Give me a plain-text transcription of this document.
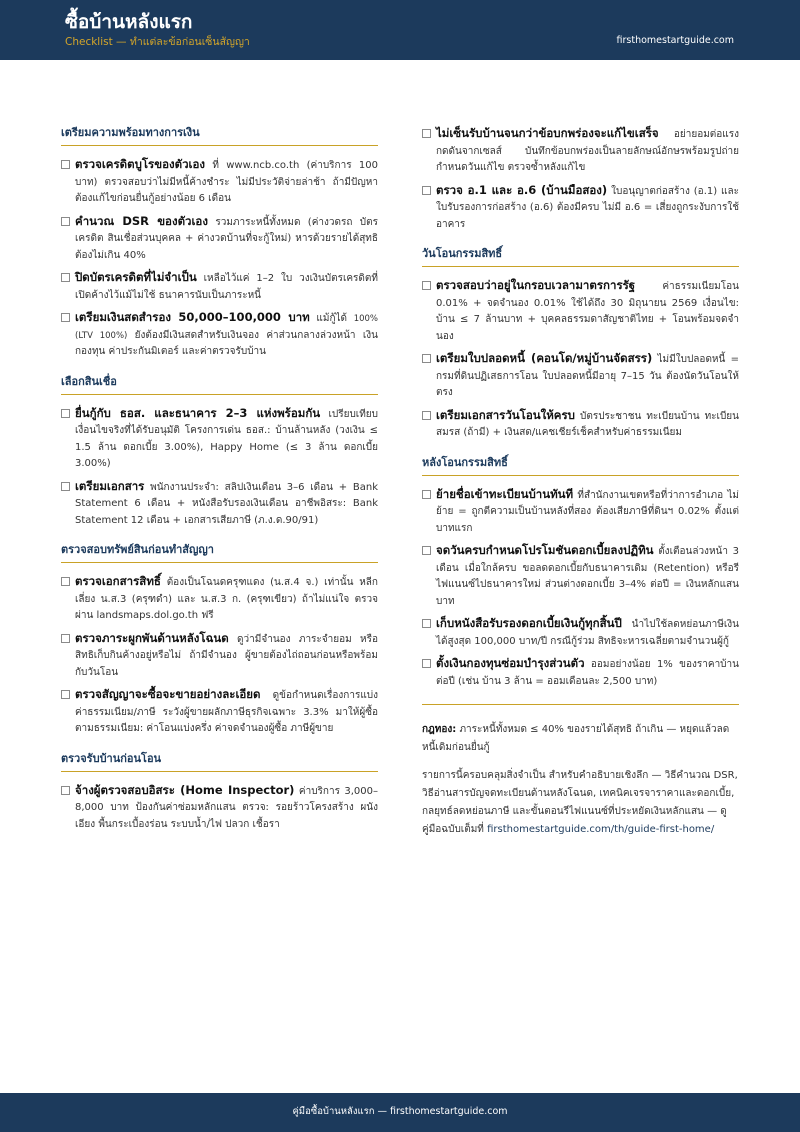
ซื้อบ้านหลังแรก
Checklist — ทำแต่ละข้อก่อนเซ็นสัญญา	firsthomestartguide.com
เตรียมความพร้อมทางการเงิน
ตรวจเครดิตบูโรของตัวเอง ที่ www.ncb.co.th (ค่าบริการ 100 บาท) ตรวจสอบว่าไม่มีหนี้ค้างชำระ ไม่มีประวัติจ่ายล่าช้า ถ้ามีปัญหาต้องแก้ไขก่อนยื่นกู้อย่างน้อย 6 เดือน
คำนวณ DSR ของตัวเอง รวมภาระหนี้ทั้งหมด (ค่างวดรถ บัตรเครดิต สินเชื่อส่วนบุคคล + ค่างวดบ้านที่จะกู้ใหม่) หารด้วยรายได้สุทธิ ต้องไม่เกิน 40%
ปิดบัตรเครดิตที่ไม่จำเป็น เหลือไว้แค่ 1–2 ใบ วงเงินบัตรเครดิตที่เปิดค้างไว้แม้ไม่ใช้ ธนาคารนับเป็นภาระหนี้
เตรียมเงินสดสำรอง 50,000–100,000 บาท แม้กู้ได้ 100% (LTV 100%) ยังต้องมีเงินสดสำหรับเงินจอง ค่าส่วนกลางล่วงหน้า เงินกองทุน ค่าประกันมิเตอร์ และค่าตรวจรับบ้าน
เลือกสินเชื่อ
ยื่นกู้กับ ธอส. และธนาคาร 2–3 แห่งพร้อมกัน เปรียบเทียบเงื่อนไขจริงที่ได้รับอนุมัติ โครงการเด่น ธอส.: บ้านล้านหลัง (วงเงิน ≤ 1.5 ล้าน ดอกเบี้ย 3.00%), Happy Home (≤ 3 ล้าน ดอกเบี้ย 3.00%)
เตรียมเอกสาร พนักงานประจำ: สลิปเงินเดือน 3–6 เดือน + Bank Statement 6 เดือน + หนังสือรับรองเงินเดือน อาชีพอิสระ: Bank Statement 12 เดือน + เอกสารเสียภาษี (ภ.ง.ด.90/91)
ตรวจสอบทรัพย์สินก่อนทำสัญญา
ตรวจเอกสารสิทธิ์ ต้องเป็นโฉนดครุฑแดง (น.ส.4 จ.) เท่านั้น หลีกเลี่ยง น.ส.3 (ครุฑดำ) และ น.ส.3 ก. (ครุฑเขียว) ถ้าไม่แน่ใจ ตรวจผ่าน landsmaps.dol.go.th ฟรี
ตรวจภาระผูกพันด้านหลังโฉนด ดูว่ามีจำนอง ภาระจำยอม หรือสิทธิเก็บกินค้างอยู่หรือไม่ ถ้ามีจำนอง ผู้ขายต้องไถ่ถอนก่อนหรือพร้อมกับวันโอน
ตรวจสัญญาจะซื้อจะขายอย่างละเอียด ดูข้อกำหนดเรื่องการแบ่งค่าธรรมเนียม/ภาษี ระวังผู้ขายผลักภาษีธุรกิจเฉพาะ 3.3% มาให้ผู้ซื้อ ตามธรรมเนียม: ค่าโอนแบ่งครึ่ง ค่าจดจำนองผู้ซื้อ ภาษีผู้ขาย
ตรวจรับบ้านก่อนโอน
จ้างผู้ตรวจสอบอิสระ (Home Inspector) ค่าบริการ 3,000–8,000 บาท ป้องกันค่าซ่อมหลักแสน ตรวจ: รอยร้าวโครงสร้าง ผนังเอียง พื้นกระเบื้องร่อน ระบบน้ำ/ไฟ ปลวก เชื้อรา
ไม่เซ็นรับบ้านจนกว่าข้อบกพร่องจะแก้ไขเสร็จ อย่ายอมต่อแรงกดดันจากเซลส์ บันทึกข้อบกพร่องเป็นลายลักษณ์อักษรพร้อมรูปถ่าย กำหนดวันแก้ไข ตรวจซ้ำหลังแก้ไข
ตรวจ อ.1 และ อ.6 (บ้านมือสอง) ใบอนุญาตก่อสร้าง (อ.1) และใบรับรองการก่อสร้าง (อ.6) ต้องมีครบ ไม่มี อ.6 = เสี่ยงถูกระงับการใช้อาคาร
วันโอนกรรมสิทธิ์
ตรวจสอบว่าอยู่ในกรอบเวลามาตรการรัฐ	ค่าธรรมเนียมโอน 0.01% + จดจำนอง 0.01% ใช้ได้ถึง 30 มิถุนายน 2569 เงื่อนไข: บ้าน ≤ 7 ล้านบาท + บุคคลธรรมดาสัญชาติไทย + โอนพร้อมจดจำนอง
เตรียมใบปลอดหนี้ (คอนโด/หมู่บ้านจัดสรร) ไม่มีใบปลอดหนี้ = กรมที่ดินปฏิเสธการโอน ใบปลอดหนี้มีอายุ 7–15 วัน ต้องนัดวันโอนให้ตรง
เตรียมเอกสารวันโอนให้ครบ บัตรประชาชน ทะเบียนบ้าน ทะเบียนสมรส (ถ้ามี) + เงินสด/แคชเชียร์เช็คสำหรับค่าธรรมเนียม
หลังโอนกรรมสิทธิ์
ย้ายชื่อเข้าทะเบียนบ้านทันที ที่สำนักงานเขตหรือที่ว่าการอำเภอ ไม่ย้าย = ถูกตีความเป็นบ้านหลังที่สอง ต้องเสียภาษีที่ดินฯ 0.02% ตั้งแต่บาทแรก
จดวันครบกำหนดโปรโมชันดอกเบี้ยลงปฏิทิน ตั้งเตือนล่วงหน้า 3 เดือน เมื่อใกล้ครบ ขอลดดอกเบี้ยกับธนาคารเดิม (Retention) หรือรีไฟแนนซ์ไปธนาคารใหม่ ส่วนต่างดอกเบี้ย 3–4% ต่อปี = เงินหลักแสนบาท
เก็บหนังสือรับรองดอกเบี้ยเงินกู้ทุกสิ้นปี นำไปใช้ลดหย่อนภาษีเงินได้สูงสุด 100,000 บาท/ปี กรณีกู้ร่วม สิทธิจะหารเฉลี่ยตามจำนวนผู้กู้
ตั้งเงินกองทุนซ่อมบำรุงส่วนตัว ออมอย่างน้อย 1% ของราคาบ้านต่อปี (เช่น บ้าน 3 ล้าน = ออมเดือนละ 2,500 บาท)
กฎทอง: ภาระหนี้ทั้งหมด ≤ 40% ของรายได้สุทธิ ถ้าเกิน — หยุดแล้วลดหนี้เดิมก่อนยื่นกู้
รายการนี้ครอบคลุมสิ่งจำเป็น สำหรับคำอธิบายเชิงลึก — วิธีคำนวณ DSR, วิธีอ่านสารบัญจดทะเบียนด้านหลังโฉนด, เทคนิคเจรจาราคาและดอกเบี้ย, กลยุทธ์ลดหย่อนภาษี และขั้นตอนรีไฟแนนซ์ที่ประหยัดเงินหลักแสน — ดูคู่มือฉบับเต็มที่ firsthomestartguide.com/th/guide-first-home/
คู่มือซื้อบ้านหลังแรก — firsthomestartguide.com
